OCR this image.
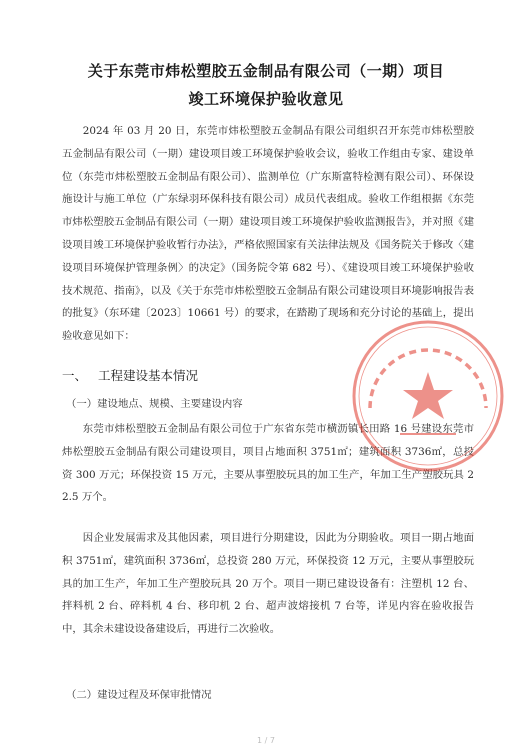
关于东莞市炜松塑胶五金制品有限公司（一期）项目
竣工环境保护验收意见
2024 年 03 月 20 日，东莞市炜松塑胶五金制品有限公司组织召开东莞市炜松塑胶五金制品有限公司（一期）建设项目竣工环境保护验收会议，验收工作组由专家、建设单位（东莞市炜松塑胶五金制品有限公司）、监测单位（广东斯富特检测有限公司）、环保设施设计与施工单位（广东绿羽环保科技有限公司）成员代表组成。验收工作组根据《东莞市炜松塑胶五金制品有限公司（一期）建设项目竣工环境保护验收监测报告》，并对照《建设项目竣工环境保护验收暂行办法》，严格依照国家有关法律法规及《国务院关于修改〈建设项目环境保护管理条例〉的决定》（国务院令第 682 号）、《建设项目竣工环境保护验收技术规范、指南》，以及《关于东莞市炜松塑胶五金制品有限公司建设项目环境影响报告表的批复》（东环建〔2023〕10661 号）的要求，在踏勘了现场和充分讨论的基础上，提出验收意见如下：
一、 工程建设基本情况
（一）建设地点、规模、主要建设内容
东莞市炜松塑胶五金制品有限公司位于广东省东莞市横沥镇长田路 16 号建设东莞市炜松塑胶五金制品有限公司建设项目，项目占地面积 3751㎡；建筑面积 3736㎡，总投资 300 万元；环保投资 15 万元，主要从事塑胶玩具的加工生产，年加工生产塑胶玩具 22.5 万个。
因企业发展需求及其他因素，项目进行分期建设，因此为分期验收。项目一期占地面积 3751㎡，建筑面积 3736㎡，总投资 280 万元，环保投资 12 万元，主要从事塑胶玩具的加工生产，年加工生产塑胶玩具 20 万个。项目一期已建设设备有：注塑机 12 台、拌料机 2 台、碎料机 4 台、移印机 2 台、超声波熔接机 7 台等，详见内容在验收报告中，其余未建设设备建设后，再进行二次验收。
（二）建设过程及环保审批情况
1 / 7
